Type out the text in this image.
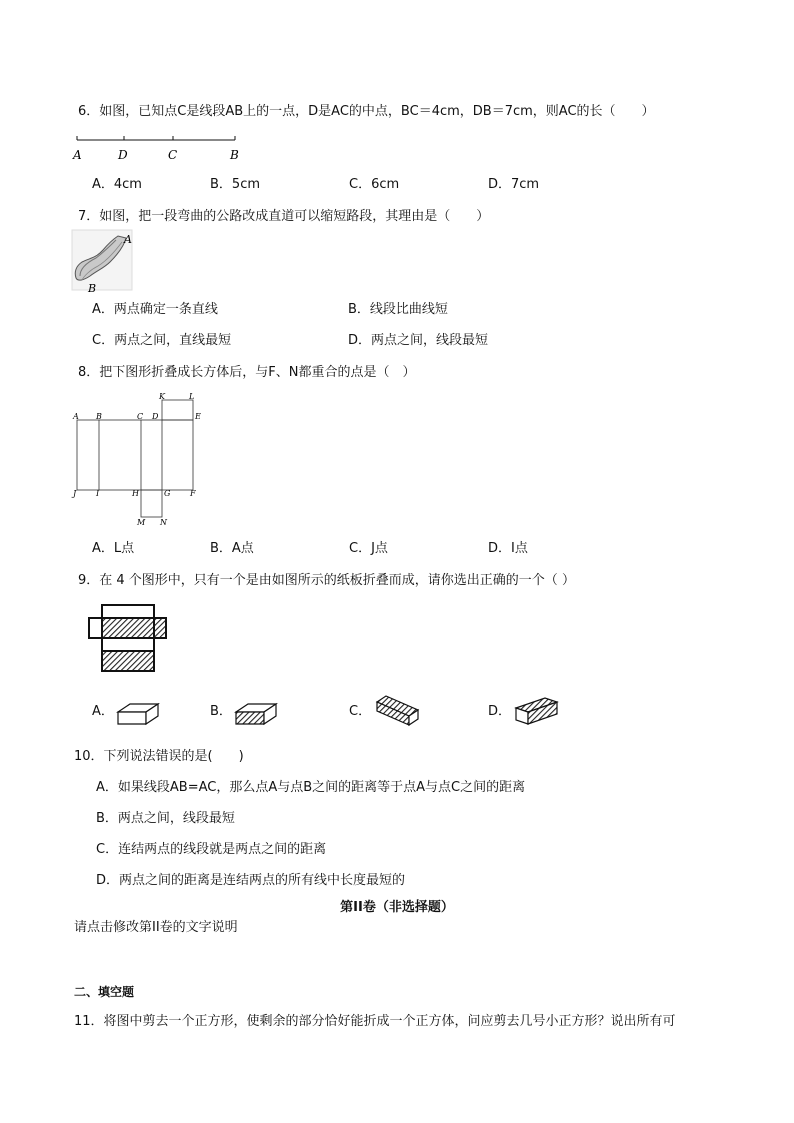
6．如图，已知点C是线段AB上的一点，D是AC的中点，BC＝4cm，DB＝7cm，则AC的长（　　）
A	D	C	B
A．4cm	B．5cm	C．6cm	D．7cm
7．如图，把一段弯曲的公路改成直道可以缩短路段，其理由是（　　）
A
B
A．两点确定一条直线	B．线段比曲线短
C．两点之间，直线最短	D．两点之间，线段最短
8．把下图形折叠成长方体后，与F、N都重合的点是（　）
A B	C D	E
K	L
J I	H	G F
M N
A．L点	B．A点	C．J点	D．I点
9．在 4 个图形中，只有一个是由如图所示的纸板折叠而成，请你选出正确的一个（ ）
A．	B．	C．	D．
10．下列说法错误的是(　　)
A．如果线段AB=AC，那么点A与点B之间的距离等于点A与点C之间的距离
B．两点之间，线段最短
C．连结两点的线段就是两点之间的距离
D．两点之间的距离是连结两点的所有线中长度最短的
第II卷（非选择题）
请点击修改第II卷的文字说明
二、填空题
11．将图中剪去一个正方形，使剩余的部分恰好能折成一个正方体，问应剪去几号小正方形？说出所有可
